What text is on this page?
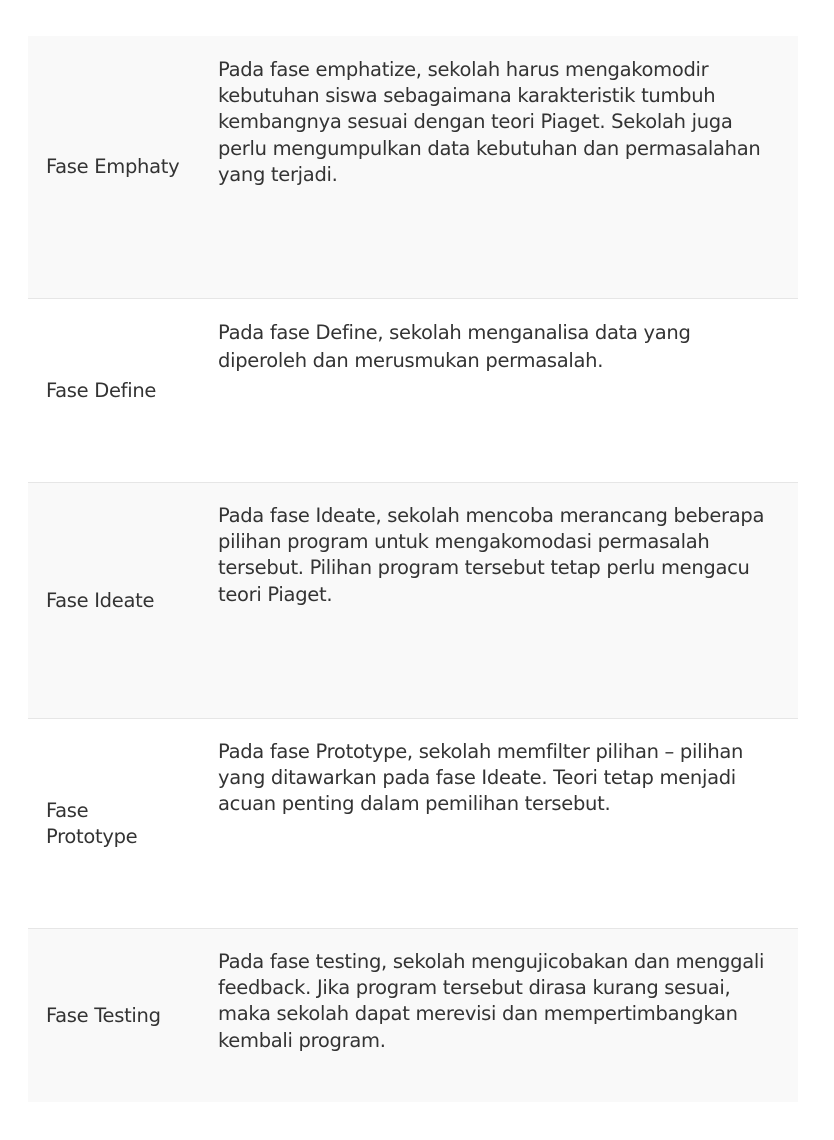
Fase Emphaty
Pada fase emphatize, sekolah harus mengakomodir kebutuhan siswa sebagaimana karakteristik tumbuh kembangnya sesuai dengan teori Piaget. Sekolah juga perlu mengumpulkan data kebutuhan dan permasalahan yang terjadi.
Fase Define
Pada fase Define, sekolah menganalisa data yang diperoleh dan merusmukan permasalah.
Fase Ideate
Pada fase Ideate, sekolah mencoba merancang beberapa pilihan program untuk mengakomodasi permasalah tersebut. Pilihan program tersebut tetap perlu mengacu teori Piaget.
Fase Prototype
Pada fase Prototype, sekolah memfilter pilihan – pilihan yang ditawarkan pada fase Ideate. Teori tetap menjadi acuan penting dalam pemilihan tersebut.
Fase Testing
Pada fase testing, sekolah mengujicobakan dan menggali feedback. Jika program tersebut dirasa kurang sesuai, maka sekolah dapat merevisi dan mempertimbangkan kembali program.
